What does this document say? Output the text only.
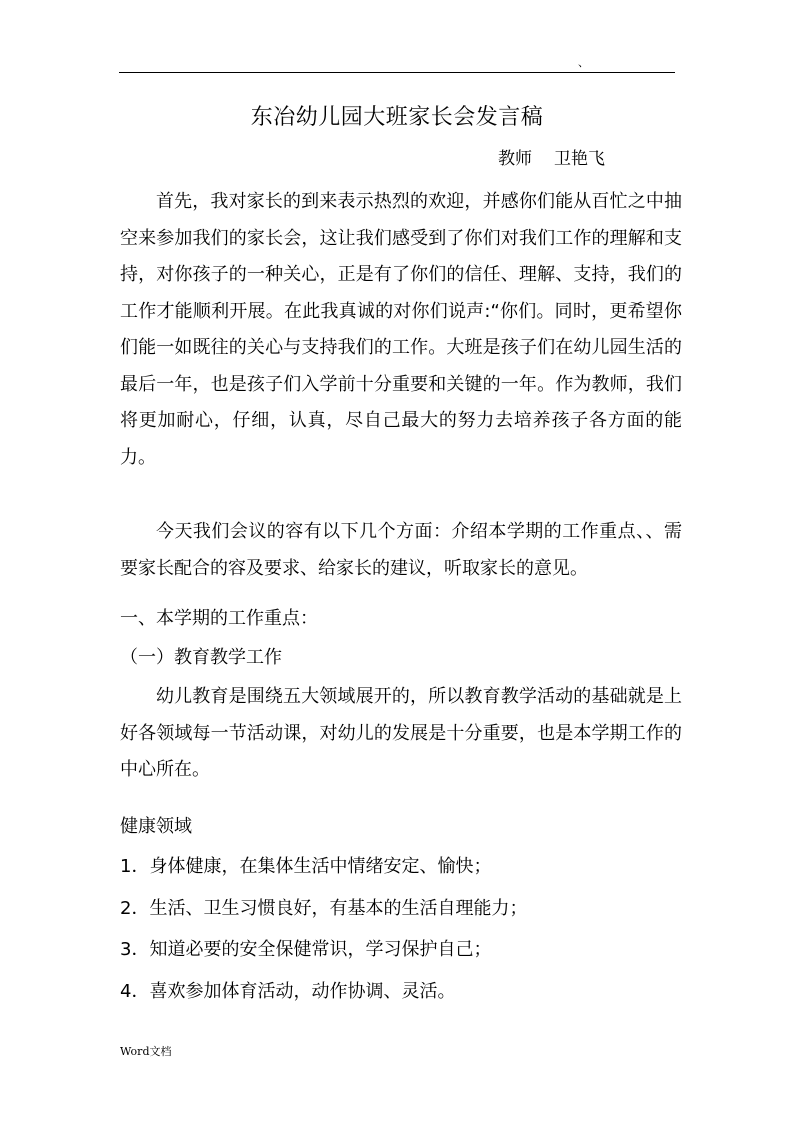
、
东冶幼儿园大班家长会发言稿
教师 卫艳飞
首先，我对家长的到来表示热烈的欢迎，并感你们能从百忙之中抽空来参加我们的家长会，这让我们感受到了你们对我们工作的理解和支持，对你孩子的一种关心，正是有了你们的信任、理解、支持，我们的工作才能顺利开展。在此我真诚的对你们说声:“你们。同时，更希望你们能一如既往的关心与支持我们的工作。大班是孩子们在幼儿园生活的最后一年，也是孩子们入学前十分重要和关键的一年。作为教师，我们将更加耐心，仔细，认真，尽自己最大的努力去培养孩子各方面的能力。
今天我们会议的容有以下几个方面：介绍本学期的工作重点、、需要家长配合的容及要求、给家长的建议，听取家长的意见。
一、本学期的工作重点：
（一）教育教学工作
幼儿教育是围绕五大领域展开的，所以教育教学活动的基础就是上好各领域每一节活动课，对幼儿的发展是十分重要，也是本学期工作的中心所在。
健康领域
1．身体健康，在集体生活中情绪安定、愉快；
2．生活、卫生习惯良好，有基本的生活自理能力；
3．知道必要的安全保健常识，学习保护自己；
4．喜欢参加体育活动，动作协调、灵活。
Word文档
